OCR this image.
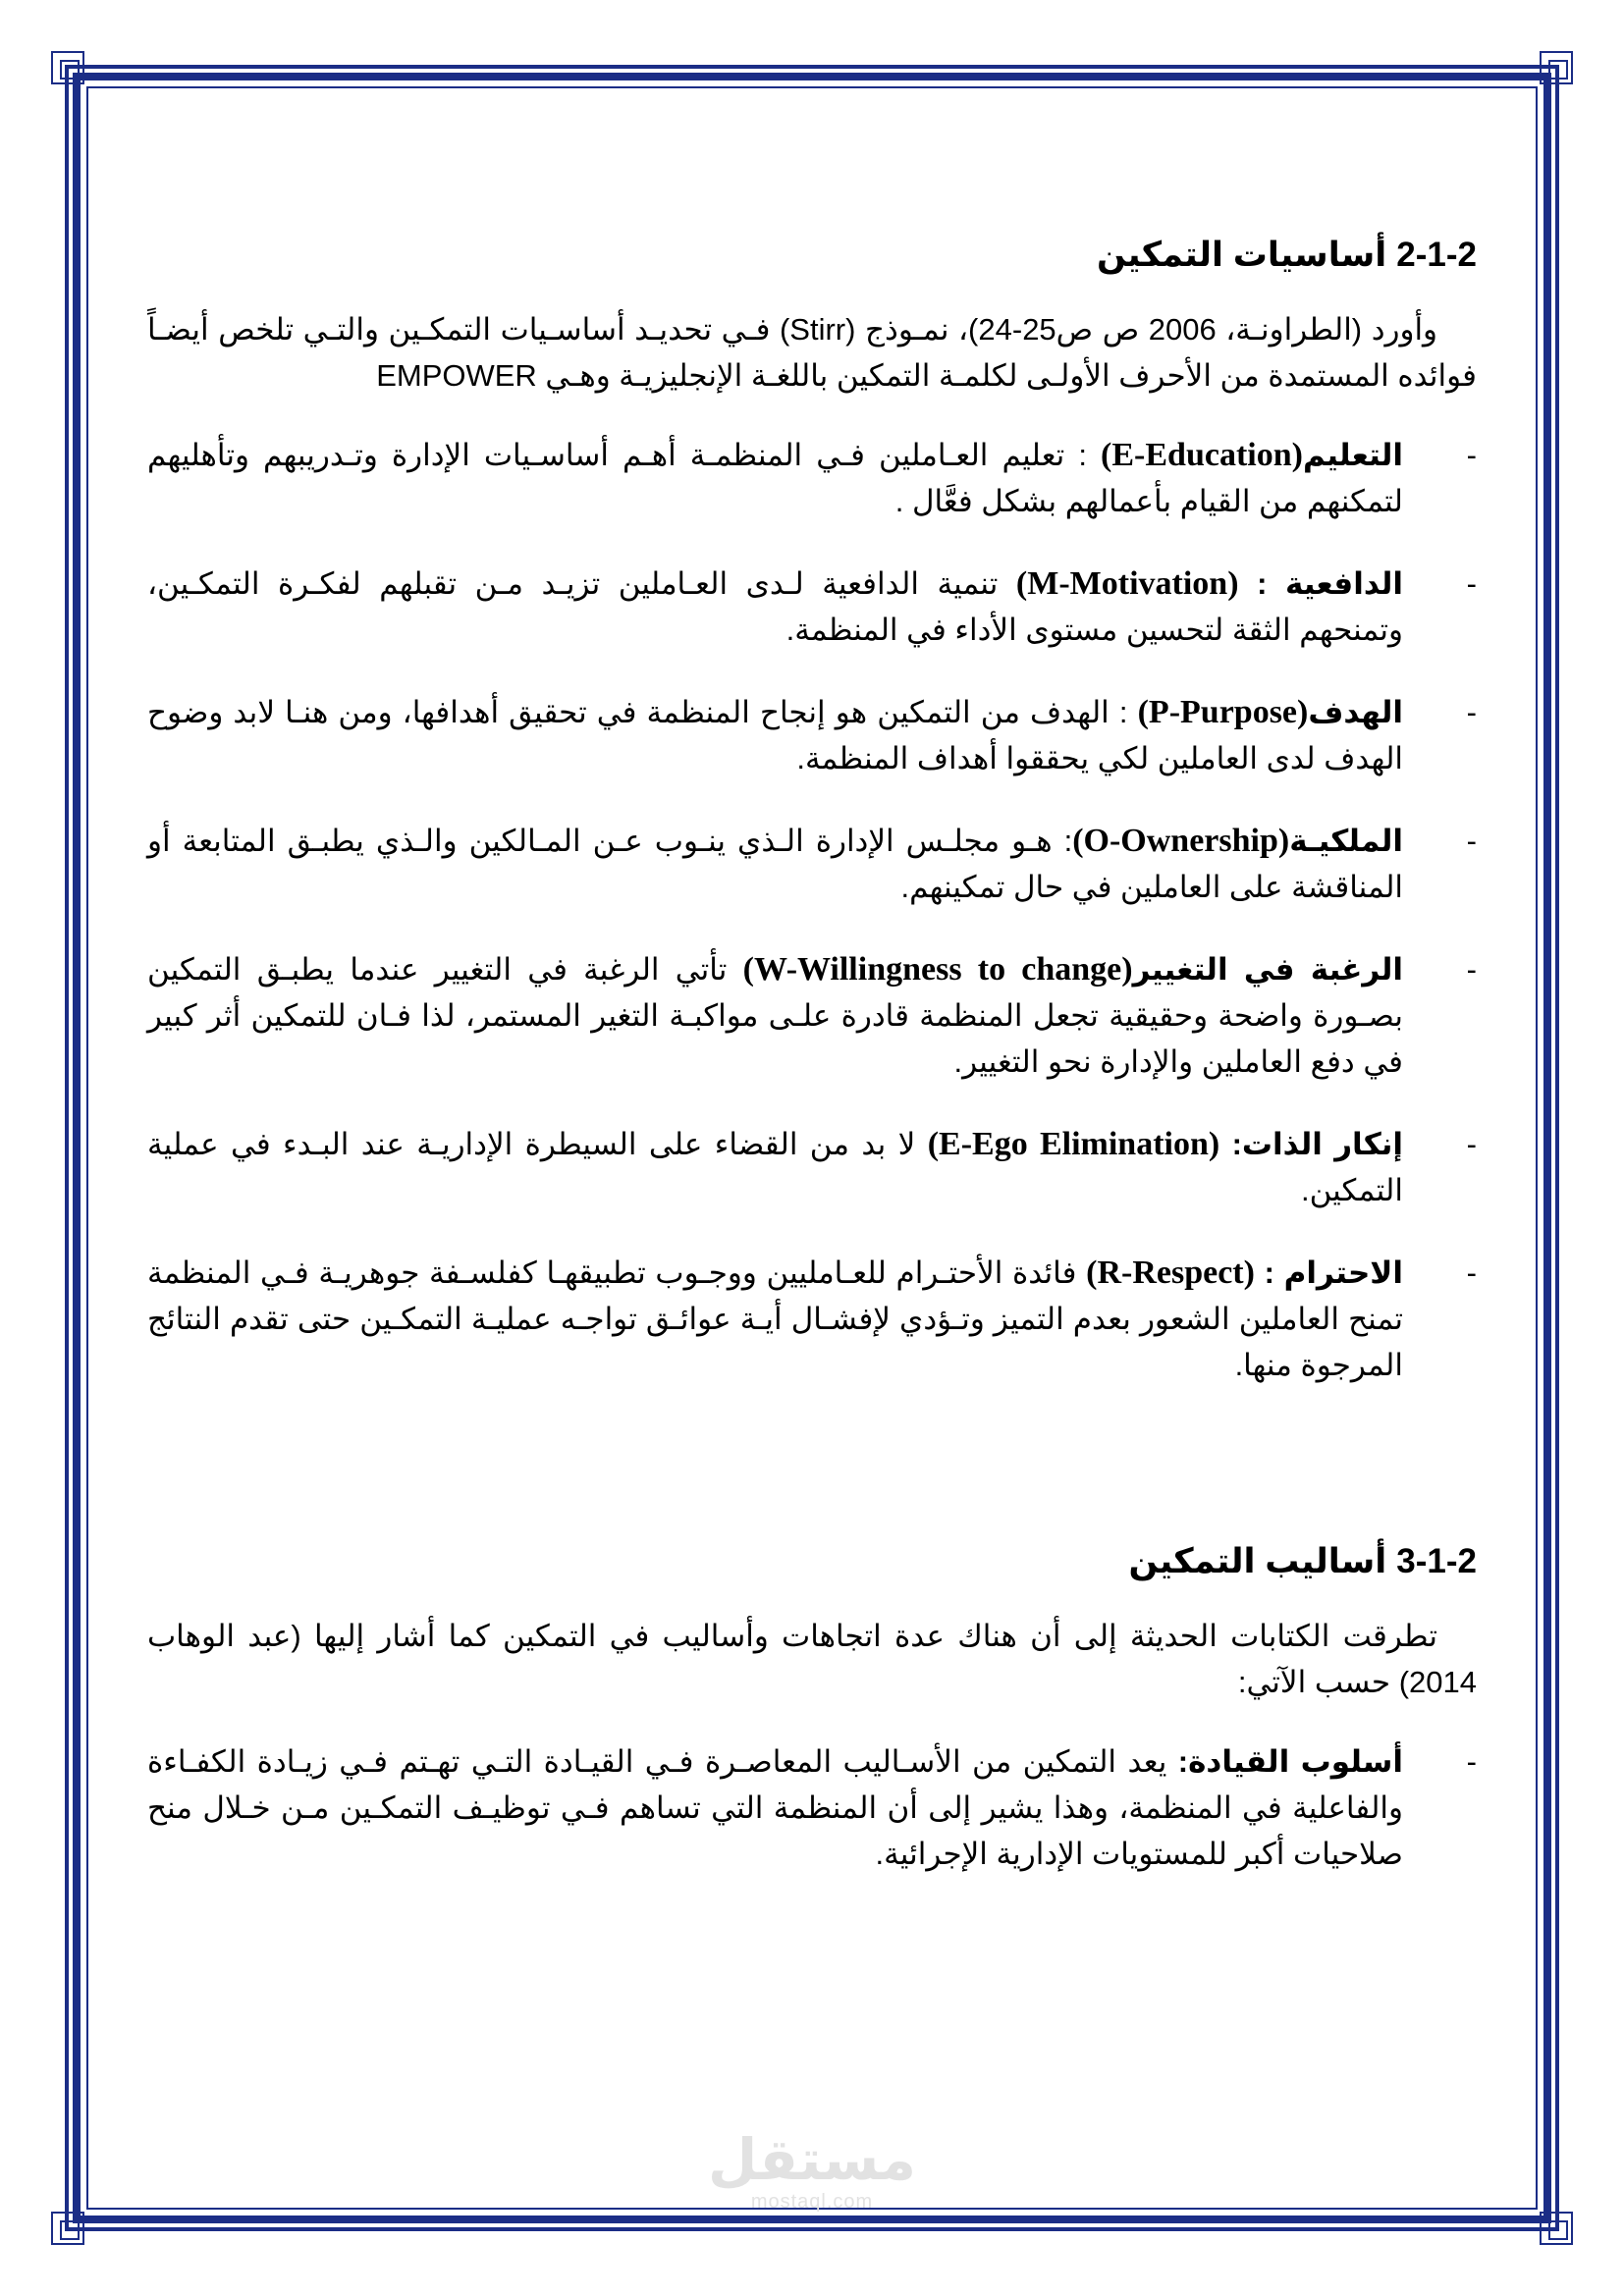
2-1-2أساسيات التمكين
وأورد (الطراونـة، 2006 ص ص25-24)، نمـوذج (Stirr) فـي تحديـد أساسـيات التمكـين والتـي تلخص أيضـاً فوائده المستمدة من الأحرف الأولـى لكلمـة التمكين باللغـة الإنجليزيـة وهـي EMPOWER
-
التعليم(E-Education) : تعليم العـاملين فـي المنظمـة أهـم أساسـيات الإدارة وتـدريبهم وتأهليهم لتمكنهم من القيام بأعمالهم بشكل فعَّال .
-
الدافعية : (M-Motivation) تنمية الدافعية لـدى العـاملين تزيـد مـن تقبلهم لفكـرة التمكـين، وتمنحهم الثقة لتحسين مستوى الأداء في المنظمة.
-
الهدف(P-Purpose) : الهدف من التمكين هو إنجاح المنظمة في تحقيق أهدافها، ومن هنـا لابد وضوح الهدف لدى العاملين لكي يحققوا أهداف المنظمة.
-
الملكيـة(O-Ownership): هـو مجلـس الإدارة الـذي ينـوب عـن المـالكين والـذي يطبـق المتابعة أو المناقشة على العاملين في حال تمكينهم.
-
الرغبة في التغيير(W-Willingness to change) تأتي الرغبة في التغيير عندما يطبـق التمكين بصـورة واضحة وحقيقية تجعل المنظمة قادرة علـى مواكبـة التغير المستمر، لذا فـان للتمكين أثر كبير في دفع العاملين والإدارة نحو التغيير.
-
إنكار الذات: (E-Ego Elimination) لا بد من القضاء على السيطرة الإداريـة عند البـدء في عملية التمكين.
-
الاحترام : (R-Respect) فائدة الأحتـرام للعـامليين ووجـوب تطبيقهـا كفلسـفة جوهريـة فـي المنظمة تمنح العاملين الشعور بعدم التميز وتـؤدي لإفشـال أيـة عوائـق تواجـه عمليـة التمكـين حتى تقدم النتائج المرجوة منها.
3-1-2أساليب التمكين
تطرقت الكتابات الحديثة إلى أن هناك عدة اتجاهات وأساليب في التمكين كما أشار إليها (عبد الوهاب 2014) حسب الآتي:
-
أسلوب القيادة: يعد التمكين من الأسـاليب المعاصـرة فـي القيـادة التـي تهـتم فـي زيـادة الكفـاءة والفاعلية في المنظمة، وهذا يشير إلى أن المنظمة التي تساهم فـي توظيـف التمكـين مـن خـلال منح صلاحيات أكبر للمستويات الإدارية الإجرائية.
مستقل
mostaql.com
